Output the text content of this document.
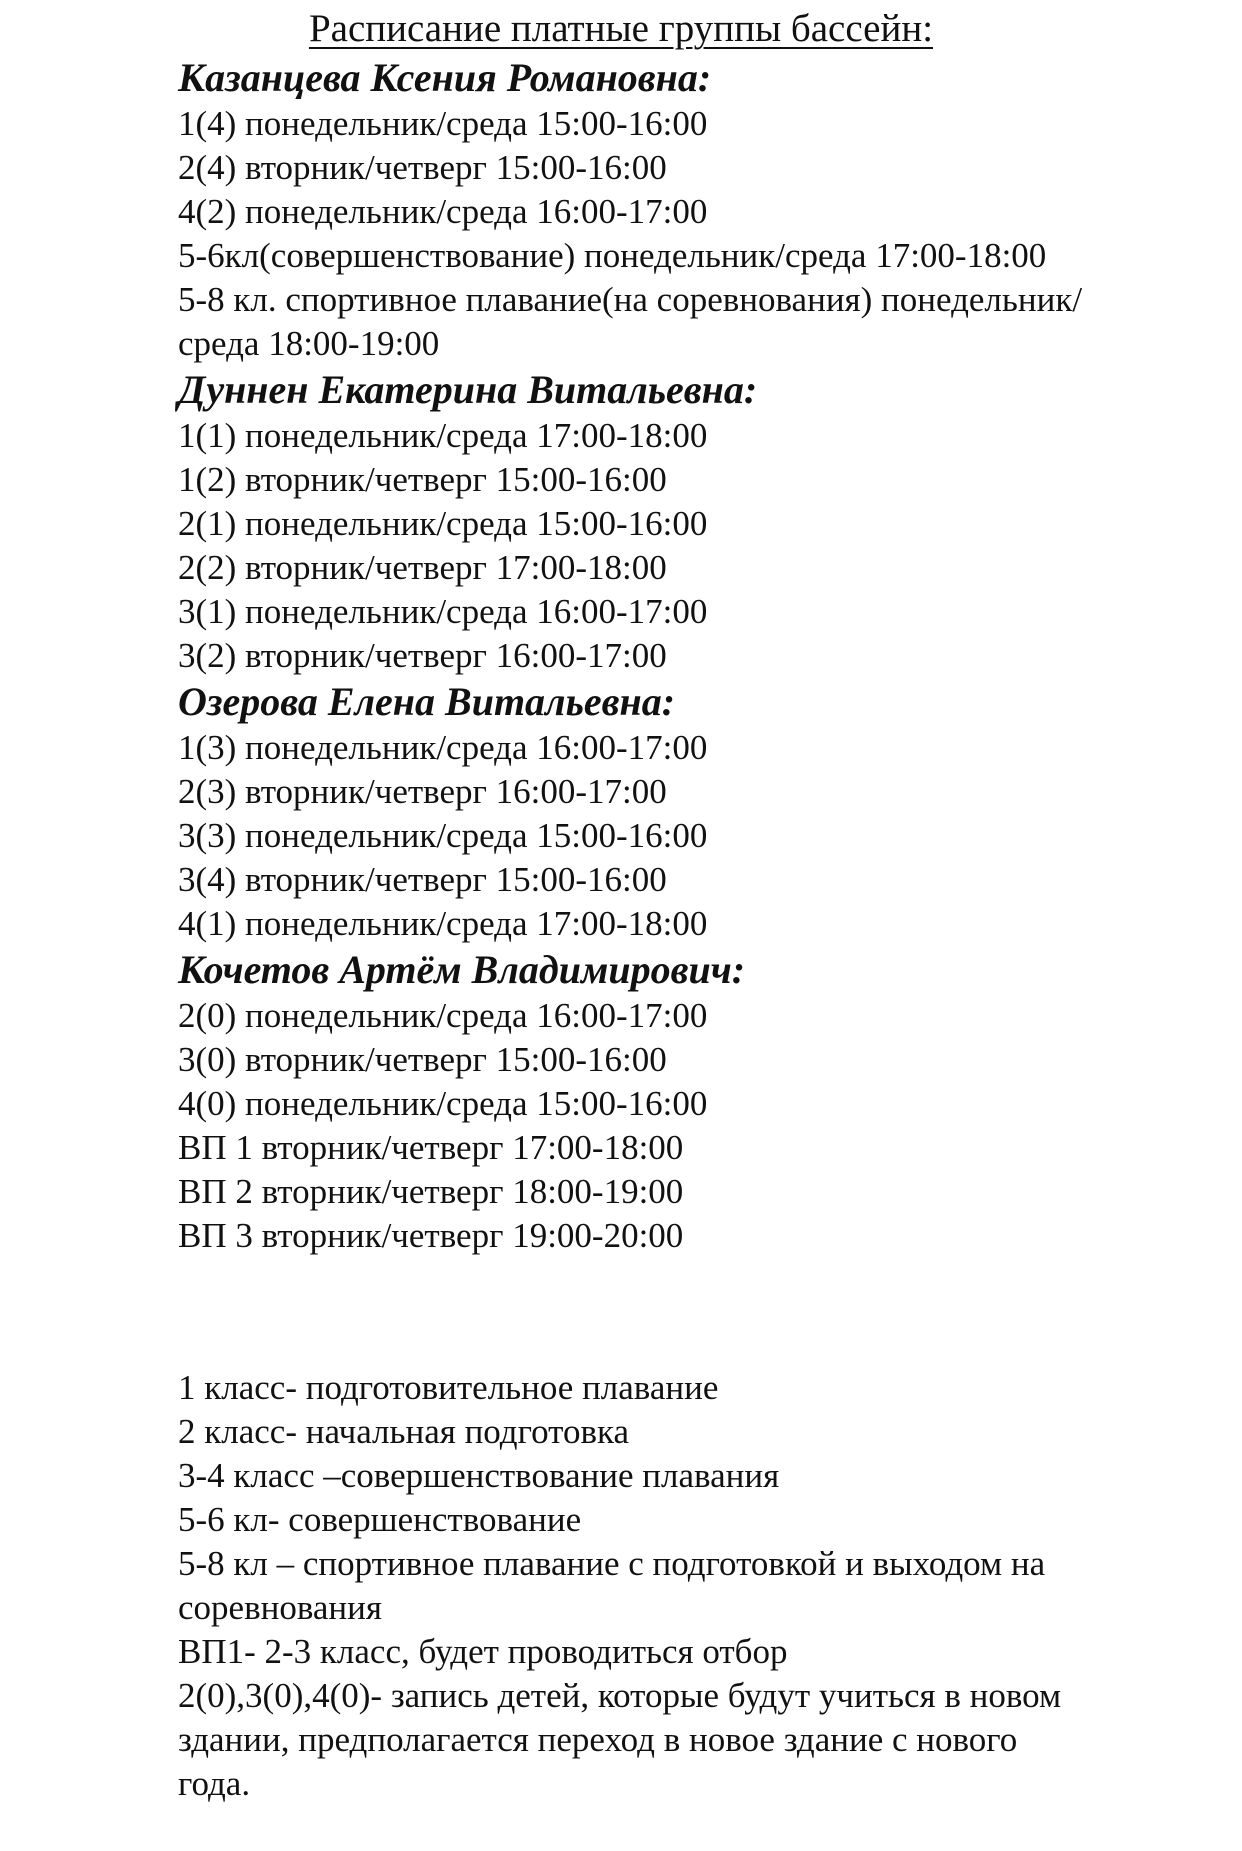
Расписание платные группы бассейн:

Казанцева Ксения Романовна:

1(4) понедельник/среда 15:00-16:00

2(4) вторник/четверг 15:00-16:00

4(2) понедельник/среда 16:00-17:00

5-6кл(совершенствование) понедельник/среда 17:00-18:00

5-8 кл. спортивное плавание(на соревнования) понедельник/

среда 18:00-19:00

Дуннен Екатерина Витальевна:

1(1) понедельник/среда 17:00-18:00

1(2) вторник/четверг 15:00-16:00

2(1) понедельник/среда 15:00-16:00

2(2) вторник/четверг 17:00-18:00

3(1) понедельник/среда 16:00-17:00

3(2) вторник/четверг 16:00-17:00

Озерова Елена Витальевна:

1(3) понедельник/среда 16:00-17:00

2(3) вторник/четверг 16:00-17:00

3(3) понедельник/среда 15:00-16:00

3(4) вторник/четверг 15:00-16:00

4(1) понедельник/среда 17:00-18:00

Кочетов Артём Владимирович:

2(0) понедельник/среда 16:00-17:00

3(0) вторник/четверг 15:00-16:00

4(0) понедельник/среда 15:00-16:00

ВП 1 вторник/четверг 17:00-18:00

ВП 2 вторник/четверг 18:00-19:00

ВП 3 вторник/четверг 19:00-20:00

1 класс- подготовительное плавание

2 класс- начальная подготовка

3-4 класс –совершенствование плавания

5-6 кл- совершенствование

5-8 кл – спортивное плавание с подготовкой и выходом на

соревнования

ВП1- 2-3 класс, будет проводиться отбор

2(0),3(0),4(0)- запись детей, которые будут учиться в новом

здании, предполагается переход в новое здание с нового

года.
